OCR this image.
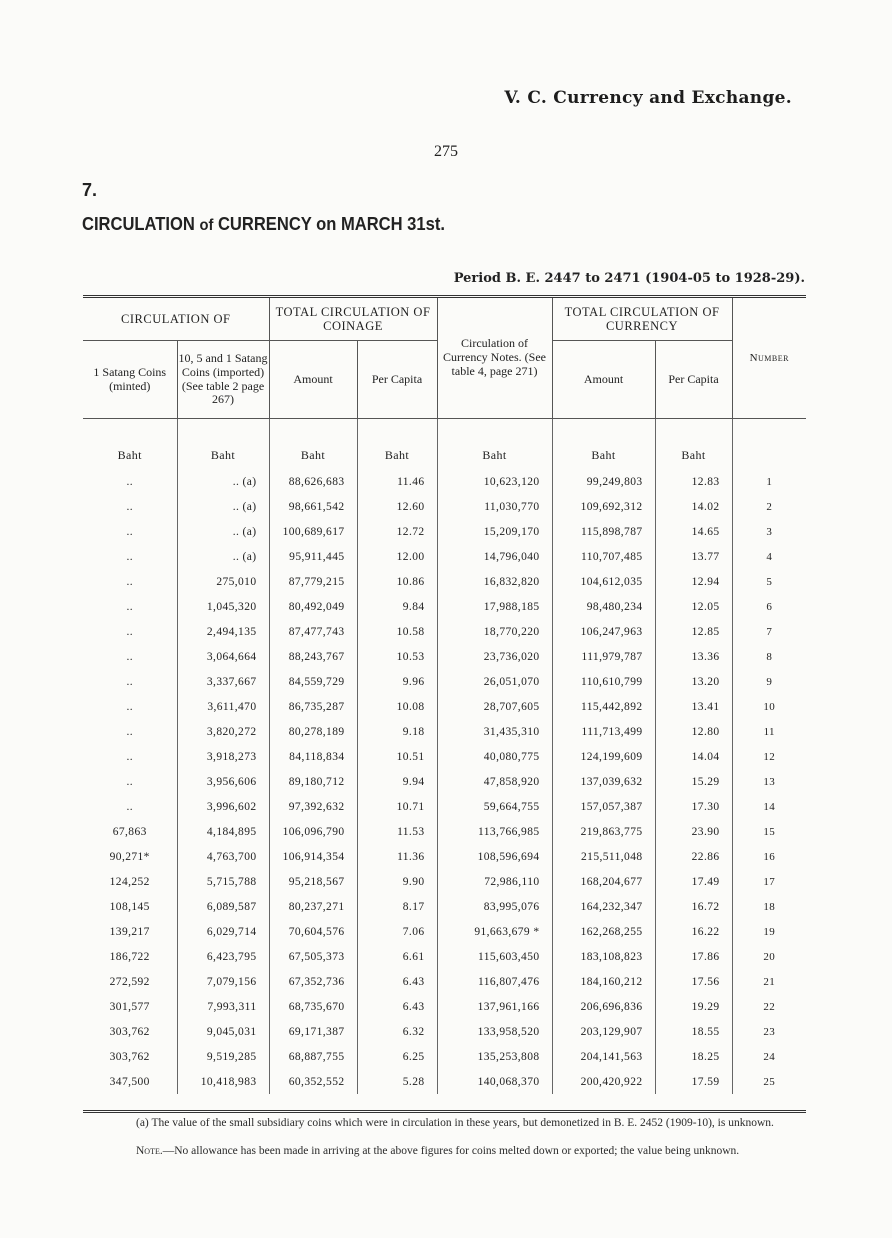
V. C. Currency and Exchange.
275
7.
CIRCULATION of CURRENCY on MARCH 31st.
Period B. E. 2447 to 2471 (1904-05 to 1928-29).
CIRCULATION OF		TOTAL CIRCULATION OF COINAGE		Circulation of Currency Notes. (See table 4, page 271)	TOTAL CIRCULATION OF CURRENCY		Number
1 Satang Coins (minted)	10, 5 and 1 Satang Coins (imported) (See table 2 page 267)	Amount	Per Capita		Amount	Per Capita	
Baht	Baht	Baht	Baht	Baht	Baht	Baht	
..	.. (a)	88,626,683	11.46	10,623,120	99,249,803	12.83	1
..	.. (a)	98,661,542	12.60	11,030,770	109,692,312	14.02	2
..	.. (a)	100,689,617	12.72	15,209,170	115,898,787	14.65	3
..	.. (a)	95,911,445	12.00	14,796,040	110,707,485	13.77	4
..	275,010	87,779,215	10.86	16,832,820	104,612,035	12.94	5
..	1,045,320	80,492,049	9.84	17,988,185	98,480,234	12.05	6
..	2,494,135	87,477,743	10.58	18,770,220	106,247,963	12.85	7
..	3,064,664	88,243,767	10.53	23,736,020	111,979,787	13.36	8
..	3,337,667	84,559,729	9.96	26,051,070	110,610,799	13.20	9
..	3,611,470	86,735,287	10.08	28,707,605	115,442,892	13.41	10
..	3,820,272	80,278,189	9.18	31,435,310	111,713,499	12.80	11
..	3,918,273	84,118,834	10.51	40,080,775	124,199,609	14.04	12
..	3,956,606	89,180,712	9.94	47,858,920	137,039,632	15.29	13
..	3,996,602	97,392,632	10.71	59,664,755	157,057,387	17.30	14
67,863	4,184,895	106,096,790	11.53	113,766,985	219,863,775	23.90	15
90,271*	4,763,700	106,914,354	11.36	108,596,694	215,511,048	22.86	16
124,252	5,715,788	95,218,567	9.90	72,986,110	168,204,677	17.49	17
108,145	6,089,587	80,237,271	8.17	83,995,076	164,232,347	16.72	18
139,217	6,029,714	70,604,576	7.06	91,663,679 *	162,268,255	16.22	19
186,722	6,423,795	67,505,373	6.61	115,603,450	183,108,823	17.86	20
272,592	7,079,156	67,352,736	6.43	116,807,476	184,160,212	17.56	21
301,577	7,993,311	68,735,670	6.43	137,961,166	206,696,836	19.29	22
303,762	9,045,031	69,171,387	6.32	133,958,520	203,129,907	18.55	23
303,762	9,519,285	68,887,755	6.25	135,253,808	204,141,563	18.25	24
347,500	10,418,983	60,352,552	5.28	140,068,370	200,420,922	17.59	25

(a) The value of the small subsidiary coins which were in circulation in these years, but demonetized in B. E. 2452 (1909-10), is unknown.

Note.—No allowance has been made in arriving at the above figures for coins melted down or exported; the value being unknown.
